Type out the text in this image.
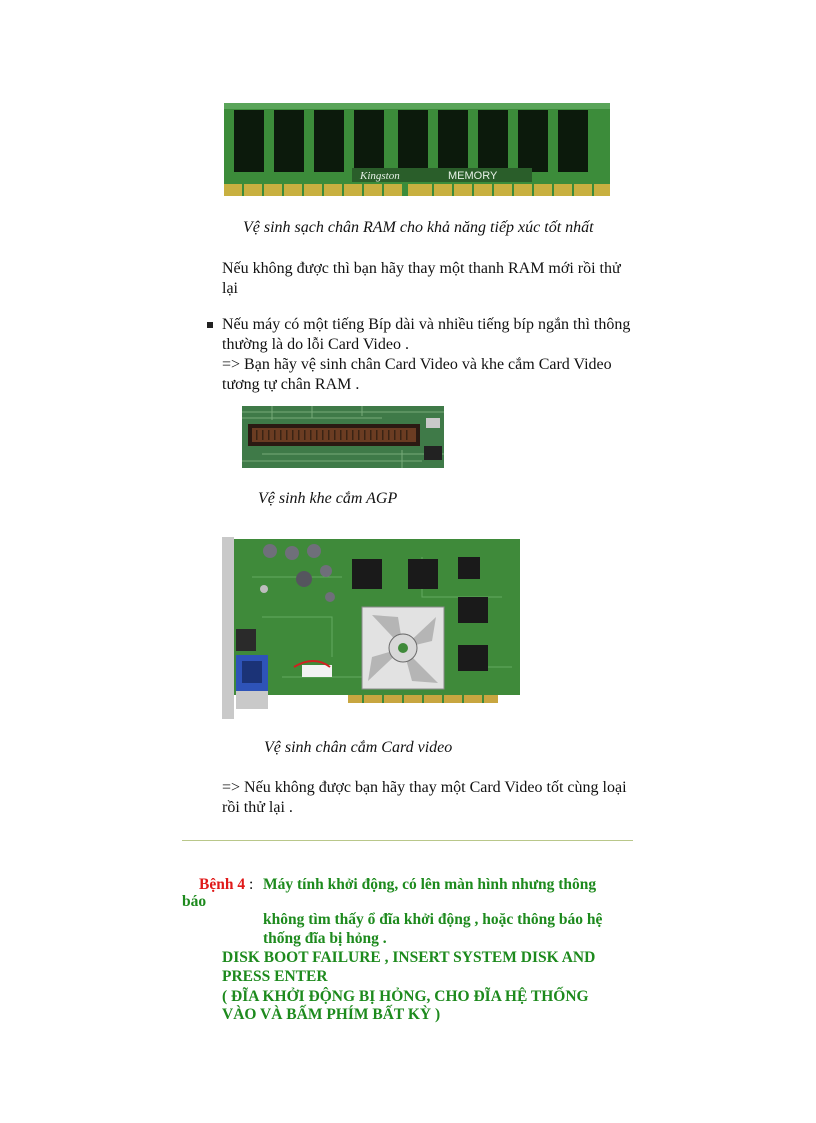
Kingston	MEMORY
Vệ sinh sạch chân RAM cho khả năng tiếp xúc tốt nhất
Nếu không được thì bạn hãy thay một thanh RAM mới rồi thử
lại
Nếu máy có một tiếng Bíp dài và nhiều tiếng bíp ngắn thì thông
thường là do lỗi Card Video .
=> Bạn hãy vệ sinh chân Card Video và khe cắm Card Video
tương tự chân RAM .
Vệ sinh khe cắm AGP
Vệ sinh chân cắm Card video
=> Nếu không được bạn hãy thay một Card Video tốt cùng loại
rồi thử lại .
Bệnh 4 : Máy tính khởi động, có lên màn hình nhưng thông
báo
không tìm thấy ổ đĩa khởi động , hoặc thông báo hệ
thống đĩa bị hỏng .
DISK BOOT FAILURE , INSERT SYSTEM DISK AND
PRESS ENTER
( ĐĨA KHỞI ĐỘNG BỊ HỎNG, CHO ĐĨA HỆ THỐNG
VÀO VÀ BẤM PHÍM BẤT KỲ )
